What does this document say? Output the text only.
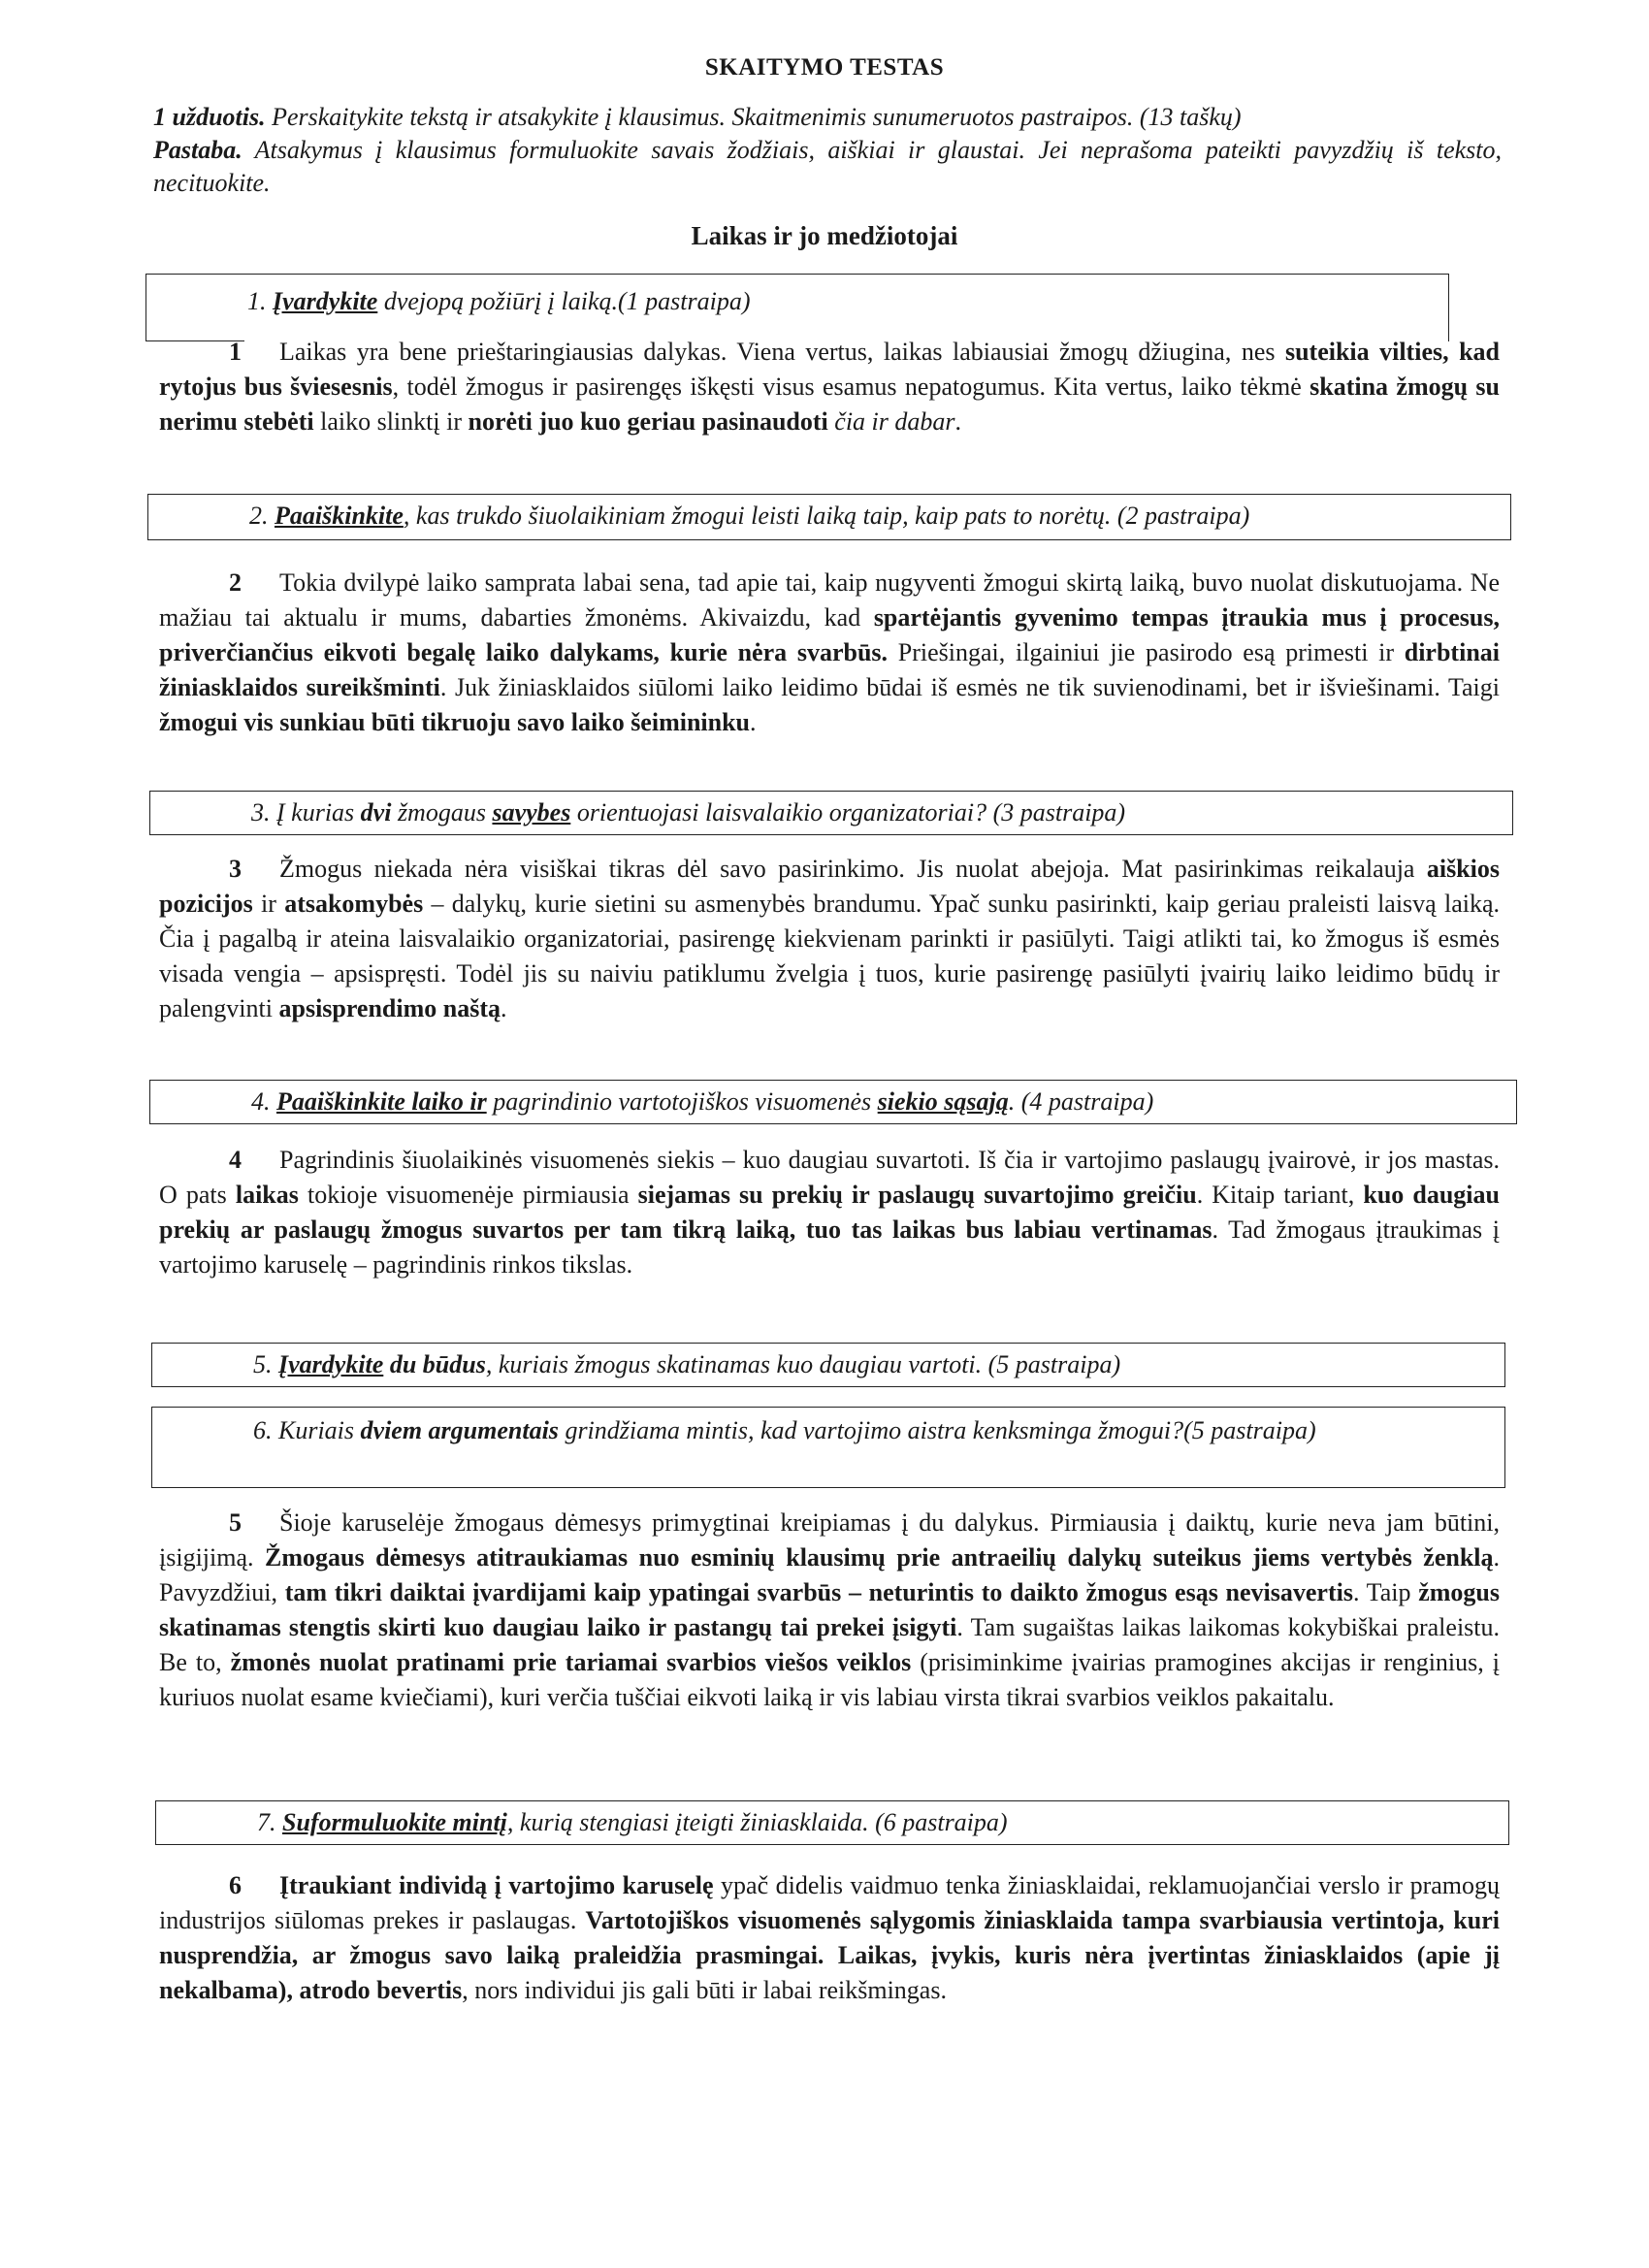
SKAITYMO TESTAS
1 užduotis. Perskaitykite tekstą ir atsakykite į klausimus. Skaitmenimis sunumeruotos pastraipos. (13 taškų)
Pastaba. Atsakymus į klausimus formuluokite savais žodžiais, aiškiai ir glaustai. Jei neprašoma pateikti pavyzdžių iš teksto, necituokite.
Laikas ir jo medžiotojai
1. Įvardykite dvejopą požiūrį į laiką.(1 pastraipa)
1 Laikas yra bene prieštaringiausias dalykas. Viena vertus, laikas labiausiai žmogų džiugina, nes suteikia vilties, kad rytojus bus šviesesnis, todėl žmogus ir pasirengęs iškęsti visus esamus nepatogumus. Kita vertus, laiko tėkmė skatina žmogų su nerimu stebėti laiko slinktį ir norėti juo kuo geriau pasinaudoti čia ir dabar.
2. Paaiškinkite, kas trukdo šiuolaikiniam žmogui leisti laiką taip, kaip pats to norėtų. (2 pastraipa)
2 Tokia dvilypė laiko samprata labai sena, tad apie tai, kaip nugyventi žmogui skirtą laiką, buvo nuolat diskutuojama. Ne mažiau tai aktualu ir mums, dabarties žmonėms. Akivaizdu, kad spartėjantis gyvenimo tempas įtraukia mus į procesus, priverčiančius eikvoti begalę laiko dalykams, kurie nėra svarbūs. Priešingai, ilgainiui jie pasirodo esą primesti ir dirbtinai žiniasklaidos sureikšminti. Juk žiniasklaidos siūlomi laiko leidimo būdai iš esmės ne tik suvienodinami, bet ir išviešinami. Taigi žmogui vis sunkiau būti tikruoju savo laiko šeimininku.
3. Į kurias dvi žmogaus savybes orientuojasi laisvalaikio organizatoriai? (3 pastraipa)
3 Žmogus niekada nėra visiškai tikras dėl savo pasirinkimo. Jis nuolat abejoja. Mat pasirinkimas reikalauja aiškios pozicijos ir atsakomybės – dalykų, kurie sietini su asmenybės brandumu. Ypač sunku pasirinkti, kaip geriau praleisti laisvą laiką. Čia į pagalbą ir ateina laisvalaikio organizatoriai, pasirengę kiekvienam parinkti ir pasiūlyti. Taigi atlikti tai, ko žmogus iš esmės visada vengia – apsispręsti. Todėl jis su naiviu patiklumu žvelgia į tuos, kurie pasirengę pasiūlyti įvairių laiko leidimo būdų ir palengvinti apsisprendimo naštą.
4. Paaiškinkite laiko ir pagrindinio vartotojiškos visuomenės siekio sąsają. (4 pastraipa)
4 Pagrindinis šiuolaikinės visuomenės siekis – kuo daugiau suvartoti. Iš čia ir vartojimo paslaugų įvairovė, ir jos mastas. O pats laikas tokioje visuomenėje pirmiausia siejamas su prekių ir paslaugų suvartojimo greičiu. Kitaip tariant, kuo daugiau prekių ar paslaugų žmogus suvartos per tam tikrą laiką, tuo tas laikas bus labiau vertinamas. Tad žmogaus įtraukimas į vartojimo karuselę – pagrindinis rinkos tikslas.
5. Įvardykite du būdus, kuriais žmogus skatinamas kuo daugiau vartoti. (5 pastraipa)
6. Kuriais dviem argumentais grindžiama mintis, kad vartojimo aistra kenksminga žmogui?(5 pastraipa)
5 Šioje karuselėje žmogaus dėmesys primygtinai kreipiamas į du dalykus. Pirmiausia į daiktų, kurie neva jam būtini, įsigijimą. Žmogaus dėmesys atitraukiamas nuo esminių klausimų prie antraeilių dalykų suteikus jiems vertybės ženklą. Pavyzdžiui, tam tikri daiktai įvardijami kaip ypatingai svarbūs – neturintis to daikto žmogus esąs nevisavertis. Taip žmogus skatinamas stengtis skirti kuo daugiau laiko ir pastangų tai prekei įsigyti. Tam sugaištas laikas laikomas kokybiškai praleistu. Be to, žmonės nuolat pratinami prie tariamai svarbios viešos veiklos (prisiminkime įvairias pramogines akcijas ir renginius, į kuriuos nuolat esame kviečiami), kuri verčia tuščiai eikvoti laiką ir vis labiau virsta tikrai svarbios veiklos pakaitalu.
7. Suformuluokite mintį, kurią stengiasi įteigti žiniasklaida. (6 pastraipa)
6 Įtraukiant individą į vartojimo karuselę ypač didelis vaidmuo tenka žiniasklaidai, reklamuojančiai verslo ir pramogų industrijos siūlomas prekes ir paslaugas. Vartotojiškos visuomenės sąlygomis žiniasklaida tampa svarbiausia vertintoja, kuri nusprendžia, ar žmogus savo laiką praleidžia prasmingai. Laikas, įvykis, kuris nėra įvertintas žiniasklaidos (apie jį nekalbama), atrodo bevertis, nors individui jis gali būti ir labai reikšmingas.
